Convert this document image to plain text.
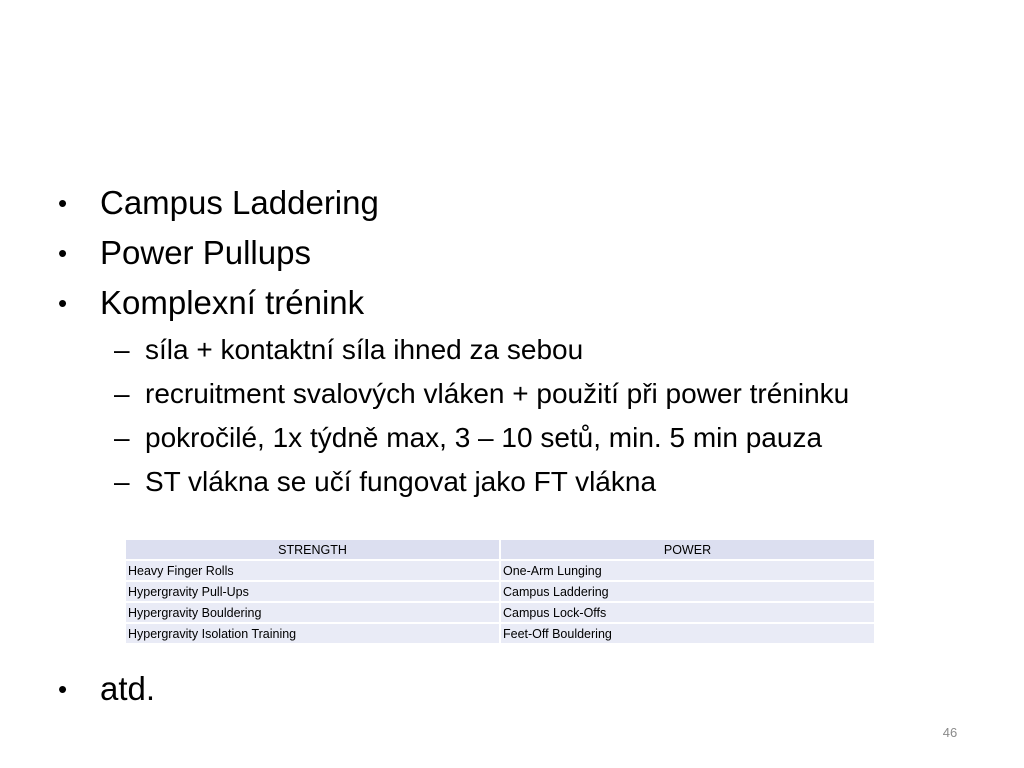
• Campus Laddering
• Power Pullups
• Komplexní trénink
– síla + kontaktní síla ihned za sebou
– recruitment svalových vláken + použití při power tréninku
– pokročilé, 1x týdně max, 3 – 10 setů, min. 5 min pauza
– ST vlákna se učí fungovat jako FT vlákna
STRENGTH	POWER
Heavy Finger Rolls	One-Arm Lunging
Hypergravity Pull-Ups	Campus Laddering
Hypergravity Bouldering	Campus Lock-Offs
Hypergravity Isolation Training	Feet-Off Bouldering
• atd.
46
